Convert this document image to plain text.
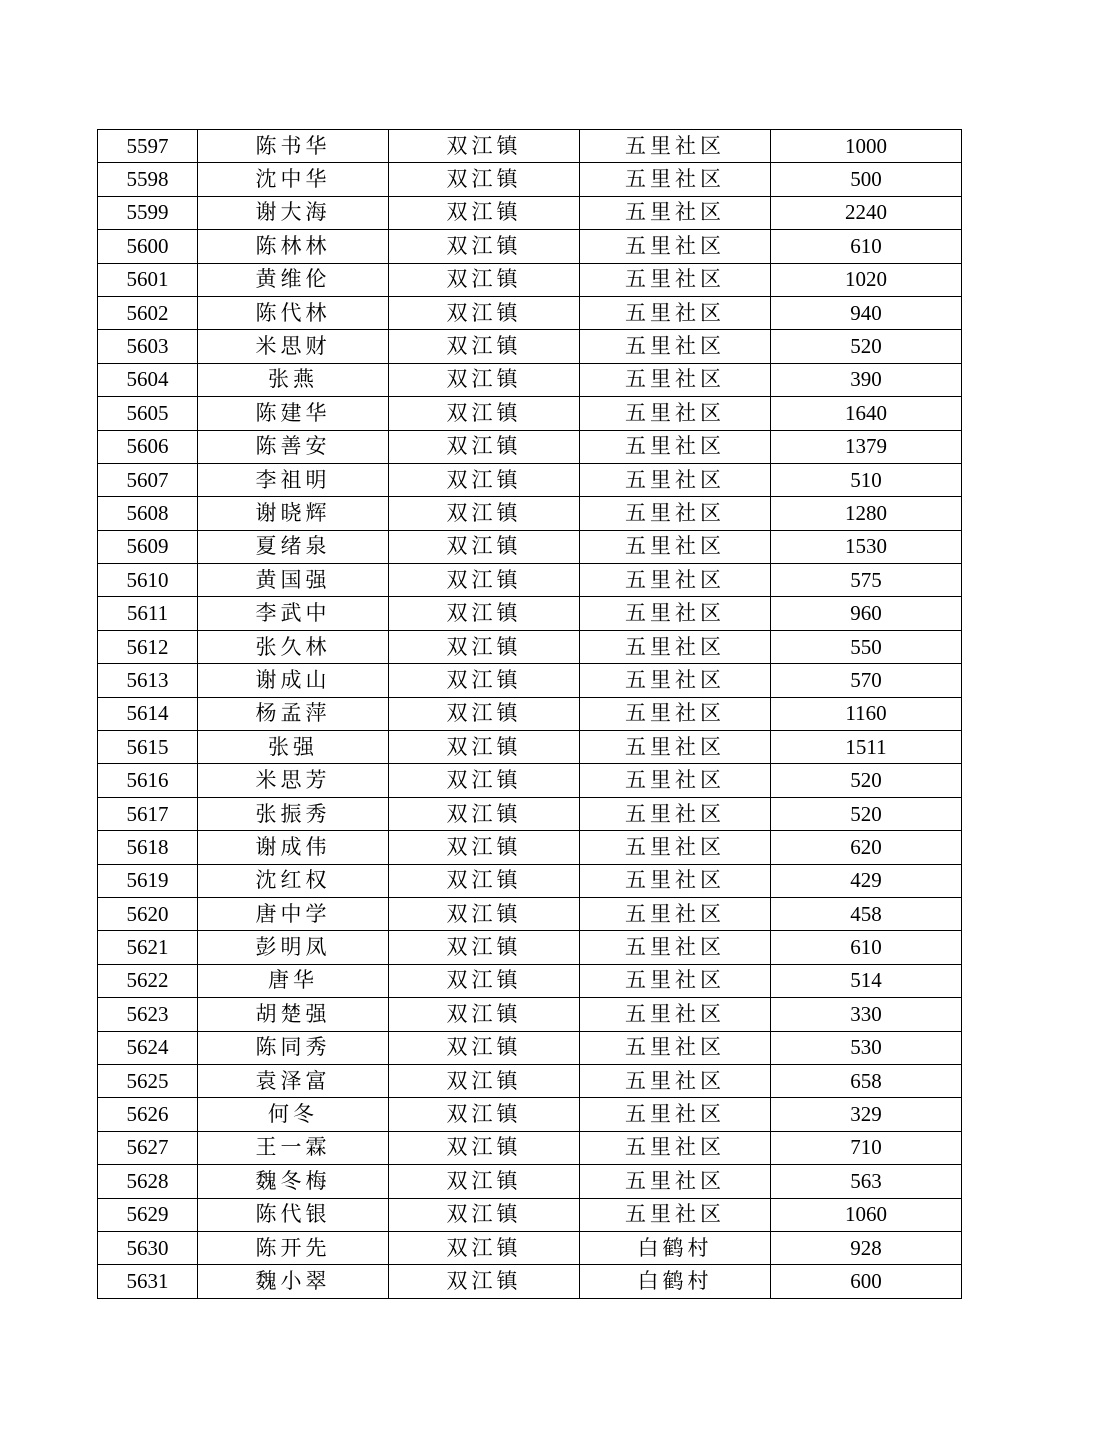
5597	陈书华	双江镇	五里社区	1000
5598	沈中华	双江镇	五里社区	500
5599	谢大海	双江镇	五里社区	2240
5600	陈林林	双江镇	五里社区	610
5601	黄维伦	双江镇	五里社区	1020
5602	陈代林	双江镇	五里社区	940
5603	米思财	双江镇	五里社区	520
5604	张燕	双江镇	五里社区	390
5605	陈建华	双江镇	五里社区	1640
5606	陈善安	双江镇	五里社区	1379
5607	李祖明	双江镇	五里社区	510
5608	谢晓辉	双江镇	五里社区	1280
5609	夏绪泉	双江镇	五里社区	1530
5610	黄国强	双江镇	五里社区	575
5611	李武中	双江镇	五里社区	960
5612	张久林	双江镇	五里社区	550
5613	谢成山	双江镇	五里社区	570
5614	杨孟萍	双江镇	五里社区	1160
5615	张强	双江镇	五里社区	1511
5616	米思芳	双江镇	五里社区	520
5617	张振秀	双江镇	五里社区	520
5618	谢成伟	双江镇	五里社区	620
5619	沈红权	双江镇	五里社区	429
5620	唐中学	双江镇	五里社区	458
5621	彭明凤	双江镇	五里社区	610
5622	唐华	双江镇	五里社区	514
5623	胡楚强	双江镇	五里社区	330
5624	陈同秀	双江镇	五里社区	530
5625	袁泽富	双江镇	五里社区	658
5626	何冬	双江镇	五里社区	329
5627	王一霖	双江镇	五里社区	710
5628	魏冬梅	双江镇	五里社区	563
5629	陈代银	双江镇	五里社区	1060
5630	陈开先	双江镇	白鹤村	928
5631	魏小翠	双江镇	白鹤村	600
